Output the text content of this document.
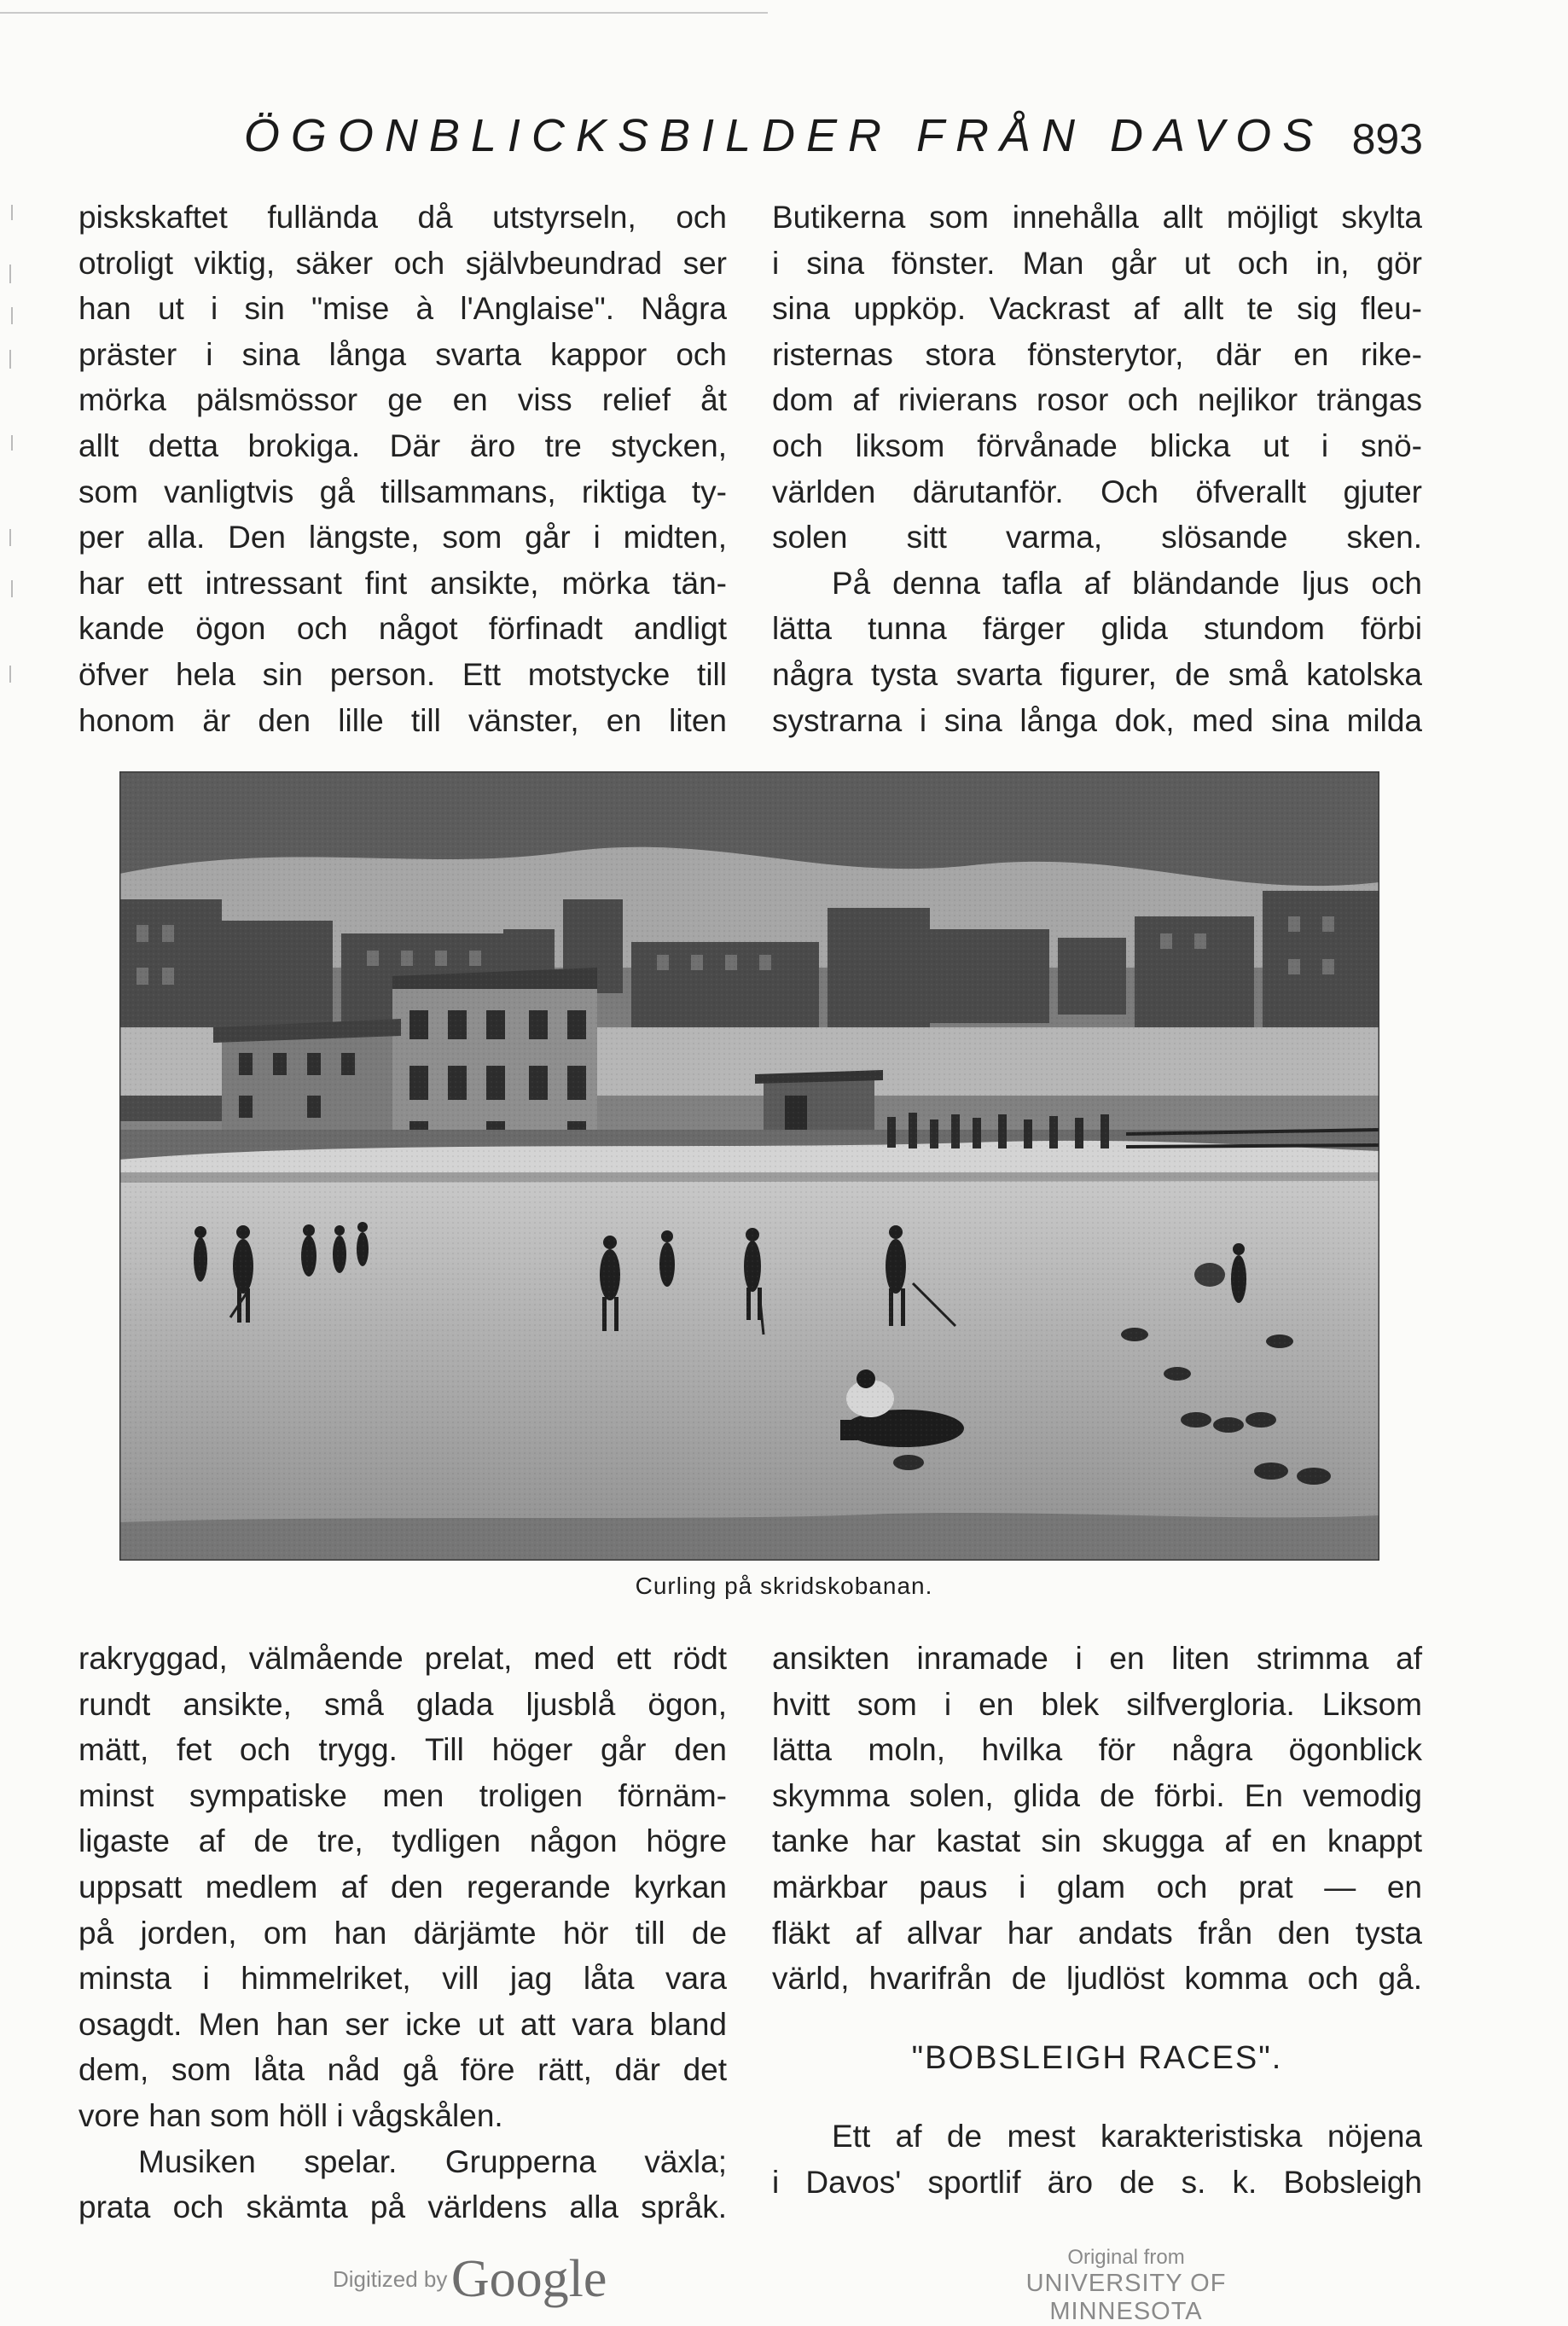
ÖGONBLICKSBILDER FRÅN DAVOS 893
piskskaftet fullända då utstyrseln, och
otroligt viktig, säker och självbeundrad ser
han ut i sin "mise à l'Anglaise". Några
präster i sina långa svarta kappor och
mörka pälsmössor ge en viss relief åt
allt detta brokiga. Där äro tre stycken,
som vanligtvis gå tillsammans, riktiga ty-
per alla. Den längste, som går i midten,
har ett intressant fint ansikte, mörka tän-
kande ögon och något förfinadt andligt
öfver hela sin person. Ett motstycke till
honom är den lille till vänster, en liten
Butikerna som innehålla allt möjligt skylta
i sina fönster. Man går ut och in, gör
sina uppköp. Vackrast af allt te sig fleu-
risternas stora fönsterytor, där en rike-
dom af rivierans rosor och nejlikor trängas
och liksom förvånade blicka ut i snö-
världen därutanför. Och öfverallt gjuter
solen sitt varma, slösande sken.
På denna tafla af bländande ljus och
lätta tunna färger glida stundom förbi
några tysta svarta figurer, de små katolska
systrarna i sina långa dok, med sina milda
Curling på skridskobanan.
rakryggad, välmående prelat, med ett rödt
rundt ansikte, små glada ljusblå ögon,
mätt, fet och trygg. Till höger går den
minst sympatiske men troligen förnäm-
ligaste af de tre, tydligen någon högre
uppsatt medlem af den regerande kyrkan
på jorden, om han därjämte hör till de
minsta i himmelriket, vill jag låta vara
osagdt. Men han ser icke ut att vara bland
dem, som låta nåd gå före rätt, där det
vore han som höll i vågskålen.
Musiken spelar. Grupperna växla;
prata och skämta på världens alla språk.
ansikten inramade i en liten strimma af
hvitt som i en blek silfvergloria. Liksom
lätta moln, hvilka för några ögonblick
skymma solen, glida de förbi. En vemodig
tanke har kastat sin skugga af en knappt
märkbar paus i glam och prat — en
fläkt af allvar har andats från den tysta
värld, hvarifrån de ljudlöst komma och gå.
"BOBSLEIGH RACES".
Ett af de mest karakteristiska nöjena
i Davos' sportlif äro de s. k. Bobsleigh
Digitized by Google	Original from
UNIVERSITY OF MINNESOTA
